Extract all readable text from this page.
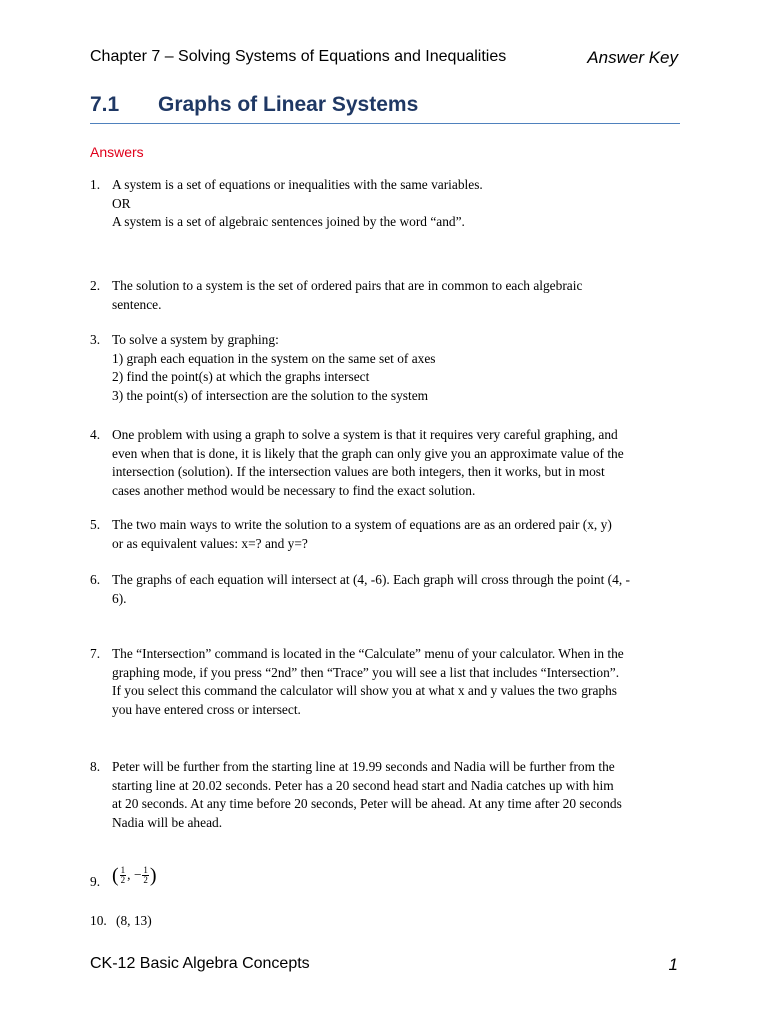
Chapter 7 – Solving Systems of Equations and Inequalities	Answer Key
7.1 Graphs of Linear Systems
Answers
1. A system is a set of equations or inequalities with the same variables.
OR
A system is a set of algebraic sentences joined by the word “and”.
2. The solution to a system is the set of ordered pairs that are in common to each algebraic
sentence.
3. To solve a system by graphing:
1) graph each equation in the system on the same set of axes
2) find the point(s) at which the graphs intersect
3) the point(s) of intersection are the solution to the system
4. One problem with using a graph to solve a system is that it requires very careful graphing, and
even when that is done, it is likely that the graph can only give you an approximate value of the
intersection (solution). If the intersection values are both integers, then it works, but in most
cases another method would be necessary to find the exact solution.
5. The two main ways to write the solution to a system of equations are as an ordered pair (x, y)
or as equivalent values: x=? and y=?
6. The graphs of each equation will intersect at (4, -6). Each graph will cross through the point (4, -
6).
7. The “Intersection” command is located in the “Calculate” menu of your calculator. When in the
graphing mode, if you press “2nd” then “Trace” you will see a list that includes “Intersection”.
If you select this command the calculator will show you at what x and y values the two graphs
you have entered cross or intersect.
8. Peter will be further from the starting line at 19.99 seconds and Nadia will be further from the
starting line at 20.02 seconds. Peter has a 20 second head start and Nadia catches up with him
at 20 seconds. At any time before 20 seconds, Peter will be ahead. At any time after 20 seconds
Nadia will be ahead.
9. ( $\frac{1}{2}$ , − $\frac{1}{2}$ )
10. (8, 13)
CK-12 Basic Algebra Concepts	1
